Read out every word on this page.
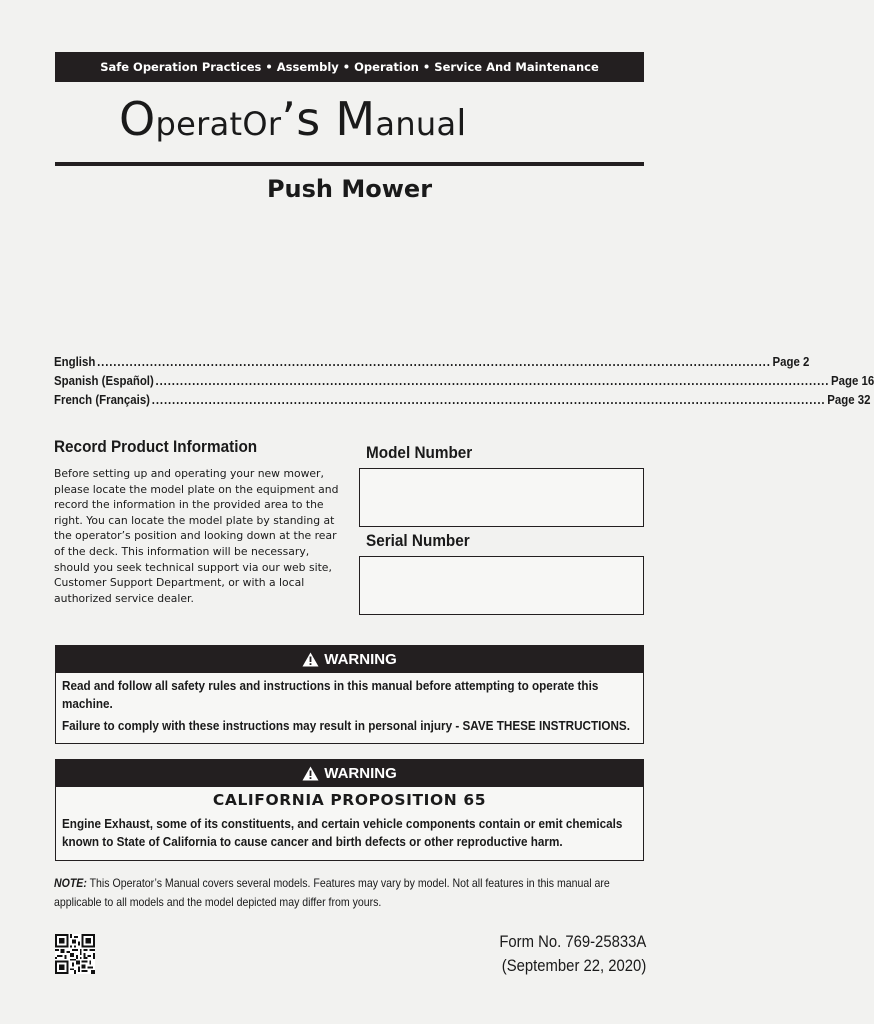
Safe Operation Practices • Assembly • Operation • Service And Maintenance
OperatOr’s Manual
Push Mower
English ...................................................................................................................................................................... Page 2
Spanish (Español) ...................................................................................................................................................................... Page 16
French (Français) ...................................................................................................................................................................... Page 32
Record Product Information
Before setting up and operating your new mower, please locate the model plate on the equipment and record the information in the provided area to the right. You can locate the model plate by standing at the operator’s position and looking down at the rear of the deck. This information will be necessary, should you seek technical support via our web site, Customer Support Department, or with a local authorized service dealer.
Model Number
Serial Number
WARNING

Read and follow all safety rules and instructions in this manual before attempting to operate this machine.

Failure to comply with these instructions may result in personal injury - SAVE THESE INSTRUCTIONS.

WARNING
CALIFORNIA PROPOSITION 65

Engine Exhaust, some of its constituents, and certain vehicle components contain or emit chemicals known to State of California to cause cancer and birth defects or other reproductive harm.

NOTE: This Operator’s Manual covers several models. Features may vary by model. Not all features in this manual are applicable to all models and the model depicted may differ from yours.
Form No. 769-25833A
(September 22, 2020)
